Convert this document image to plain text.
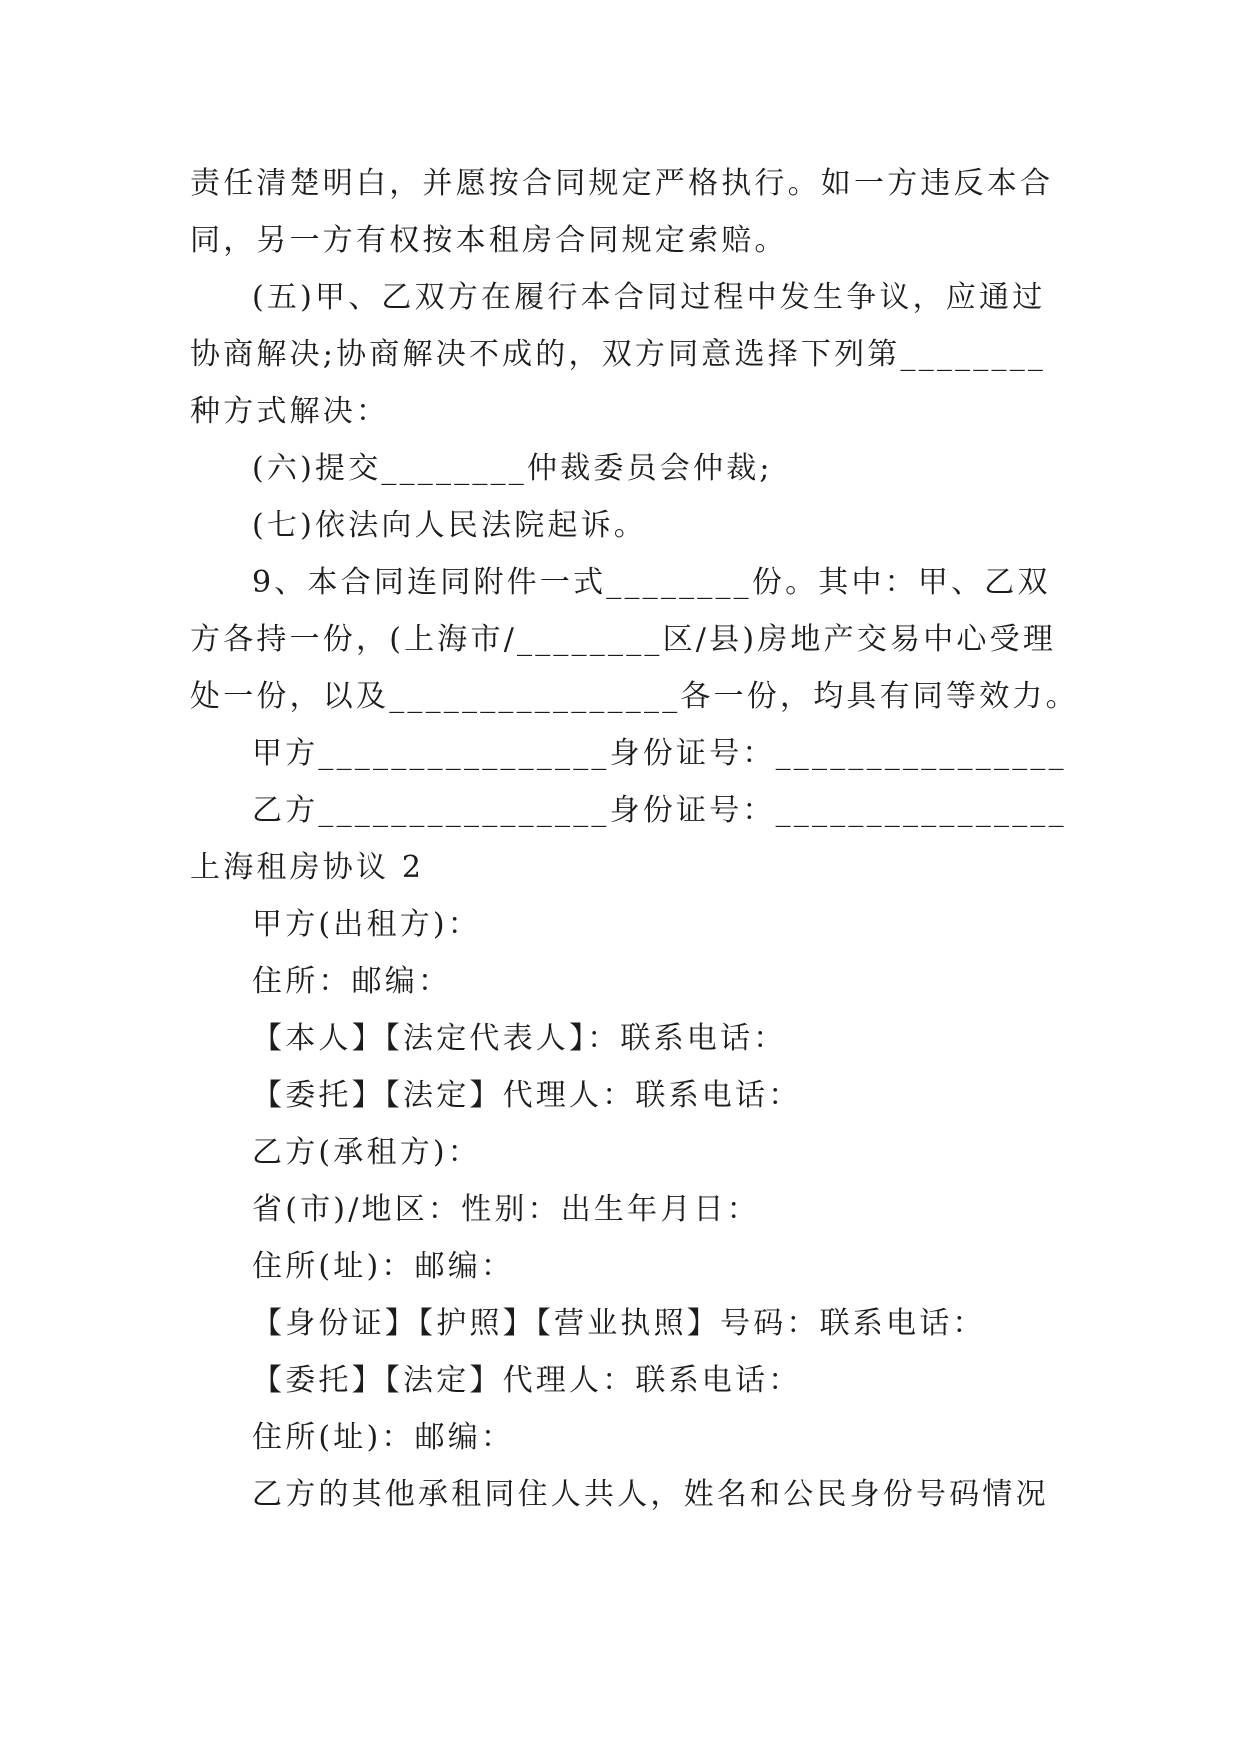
责任清楚明白，并愿按合同规定严格执行。如一方违反本合
同，另一方有权按本租房合同规定索赔。
(五)甲、乙双方在履行本合同过程中发生争议，应通过
协商解决;协商解决不成的，双方同意选择下列第________
种方式解决：
(六)提交________仲裁委员会仲裁;
(七)依法向人民法院起诉。
9、本合同连同附件一式________份。其中：甲、乙双
方各持一份，(上海市/________区/县)房地产交易中心受理
处一份，以及________________各一份，均具有同等效力。
甲方________________身份证号：________________
乙方________________身份证号：________________
上海租房协议 2
甲方(出租方)：
住所：邮编：
【本人】【法定代表人】：联系电话：
【委托】【法定】代理人：联系电话：
乙方(承租方)：
省(市)/地区：性别：出生年月日：
住所(址)：邮编：
【身份证】【护照】【营业执照】号码：联系电话：
【委托】【法定】代理人：联系电话：
住所(址)：邮编：
乙方的其他承租同住人共人，姓名和公民身份号码情况
